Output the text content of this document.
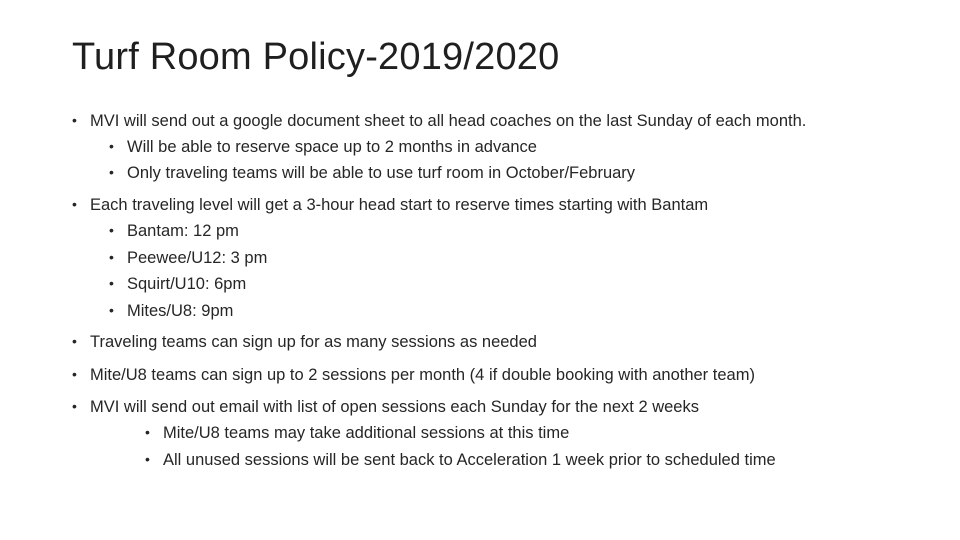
Turf Room Policy-2019/2020
• MVI will send out a google document sheet to all head coaches on the last Sunday of each month.
• Will be able to reserve space up to 2 months in advance
• Only traveling teams will be able to use turf room in October/February
• Each traveling level will get a 3-hour head start to reserve times starting with Bantam
• Bantam: 12 pm
• Peewee/U12: 3 pm
• Squirt/U10: 6pm
• Mites/U8: 9pm
• Traveling teams can sign up for as many sessions as needed
• Mite/U8 teams can sign up to 2 sessions per month (4 if double booking with another team)
• MVI will send out email with list of open sessions each Sunday for the next 2 weeks
• Mite/U8 teams may take additional sessions at this time
• All unused sessions will be sent back to Acceleration 1 week prior to scheduled time
